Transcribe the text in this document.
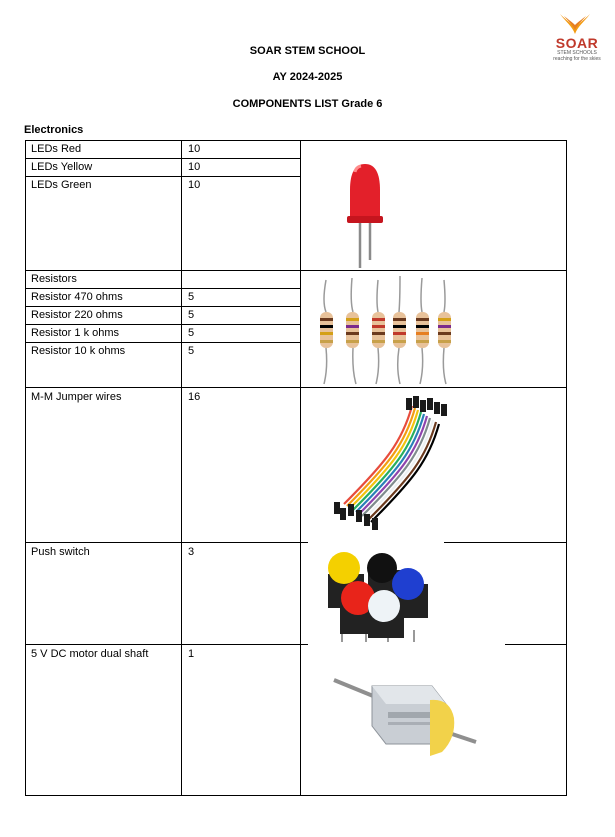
SOAR STEM SCHOOL
AY 2024-2025
COMPONENTS LIST Grade 6
SOAR
STEM SCHOOLS
reaching for the skies
Electronics
LEDs Red
LEDs Yellow
LEDs Green
Resistors
Resistor 470 ohms
Resistor 220 ohms
Resistor 1 k ohms
Resistor 10 k ohms
M-M Jumper wires
Push switch
5 V DC motor dual shaft
10
10
10
5
5
5
5
16
3
1
